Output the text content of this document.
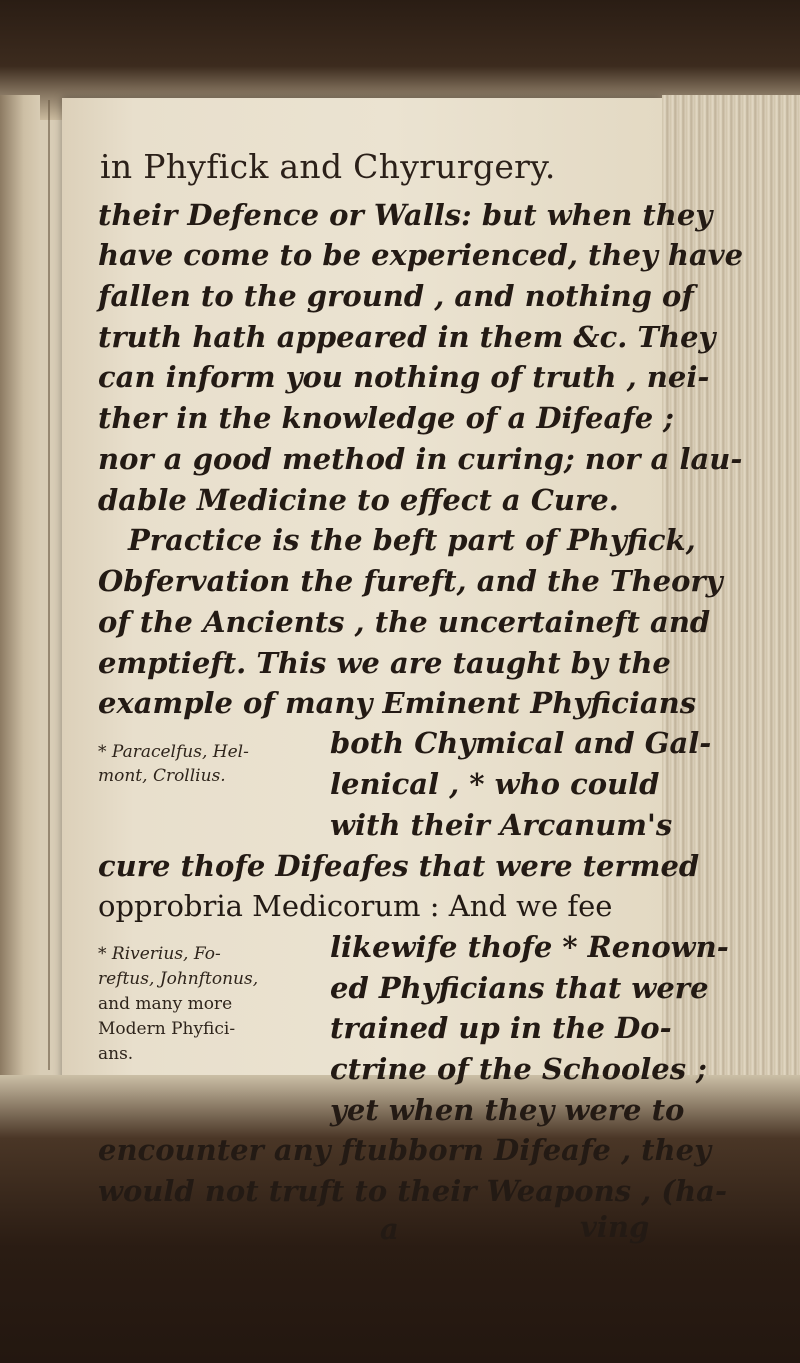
in Phyfick and Chyrurgery.
their Defence or Walls: but when they
have come to be experienced, they have
fallen to the ground , and nothing of
truth hath appeared in them &c. They
can inform you nothing of truth , nei-
ther in the knowledge of a Difeafe ;
nor a good method in curing; nor a lau-
dable Medicine to effect a Cure.
Practice is the beft part of Phyfick,
Obfervation the fureft, and the Theory
of the Ancients , the uncertaineft and
emptieft. This we are taught by the
example of many Eminent Phyficians
both Chymical and Gal-
lenical , * who could
with their Arcanum's
cure thofe Difeafes that were termed
opprobria Medicorum : And we fee
likewife thofe * Renown-
ed Phyficians that were
trained up in the Do-
ctrine of the Schooles ;
yet when they were to
encounter any ftubborn Difeafe , they
would not truft to their Weapons , (ha-
* Paracelfus, Hel-
mont, Crollius.
* Riverius, Fo-
reftus, Johnftonus,
and many more
Modern Phyfici-
ans.
a	ving
